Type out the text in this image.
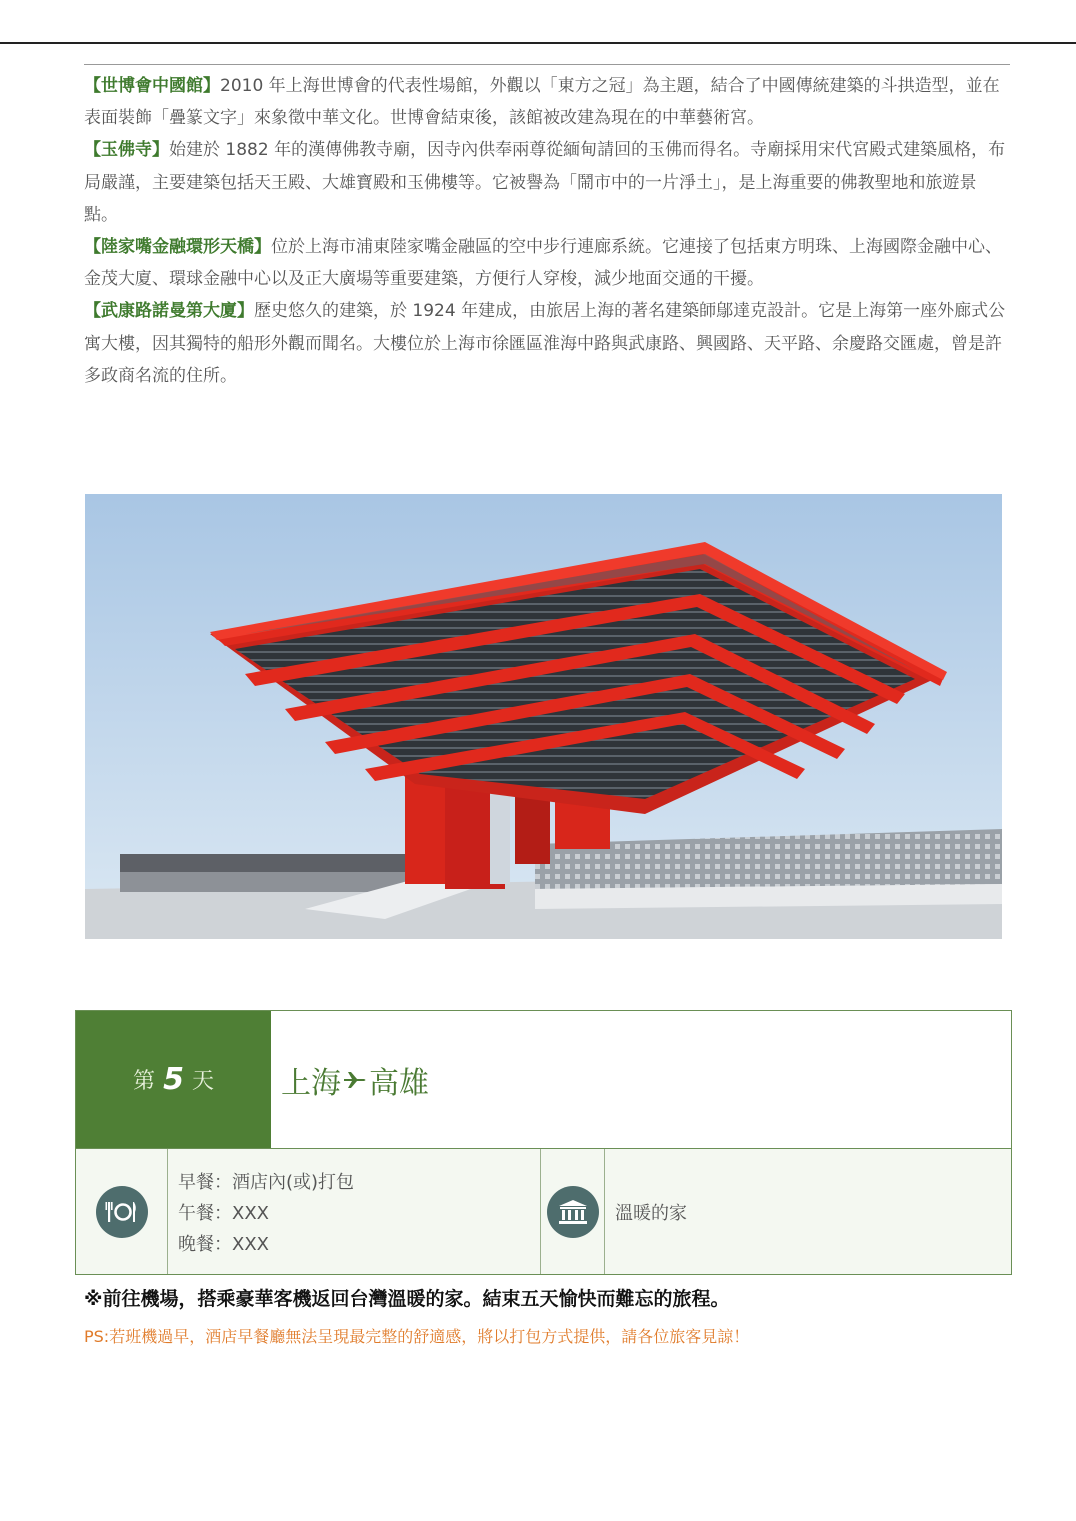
【世博會中國館】2010 年上海世博會的代表性場館，外觀以「東方之冠」為主題，結合了中國傳統建築的斗拱造型，並在表面裝飾「疊篆文字」來象徵中華文化。世博會結束後，該館被改建為現在的中華藝術宮。

【玉佛寺】始建於 1882 年的漢傳佛教寺廟，因寺內供奉兩尊從緬甸請回的玉佛而得名。寺廟採用宋代宮殿式建築風格，布局嚴謹，主要建築包括天王殿、大雄寶殿和玉佛樓等。它被譽為「鬧市中的一片淨土」，是上海重要的佛教聖地和旅遊景點。

【陸家嘴金融環形天橋】位於上海市浦東陸家嘴金融區的空中步行連廊系統。它連接了包括東方明珠、上海國際金融中心、金茂大廈、環球金融中心以及正大廣場等重要建築，方便行人穿梭，減少地面交通的干擾。

【武康路諾曼第大廈】歷史悠久的建築，於 1924 年建成，由旅居上海的著名建築師鄔達克設計。它是上海第一座外廊式公寓大樓，因其獨特的船形外觀而聞名。大樓位於上海市徐匯區淮海中路與武康路、興國路、天平路、余慶路交匯處，曾是許多政商名流的住所。

第 5 天 上海 高雄
早餐：酒店內(或)打包
午餐：XXX
晚餐：XXX
溫暖的家
※前往機場，搭乘豪華客機返回台灣溫暖的家。結束五天愉快而難忘的旅程。
PS:若班機過早，酒店早餐廳無法呈現最完整的舒適感，將以打包方式提供，請各位旅客見諒！
